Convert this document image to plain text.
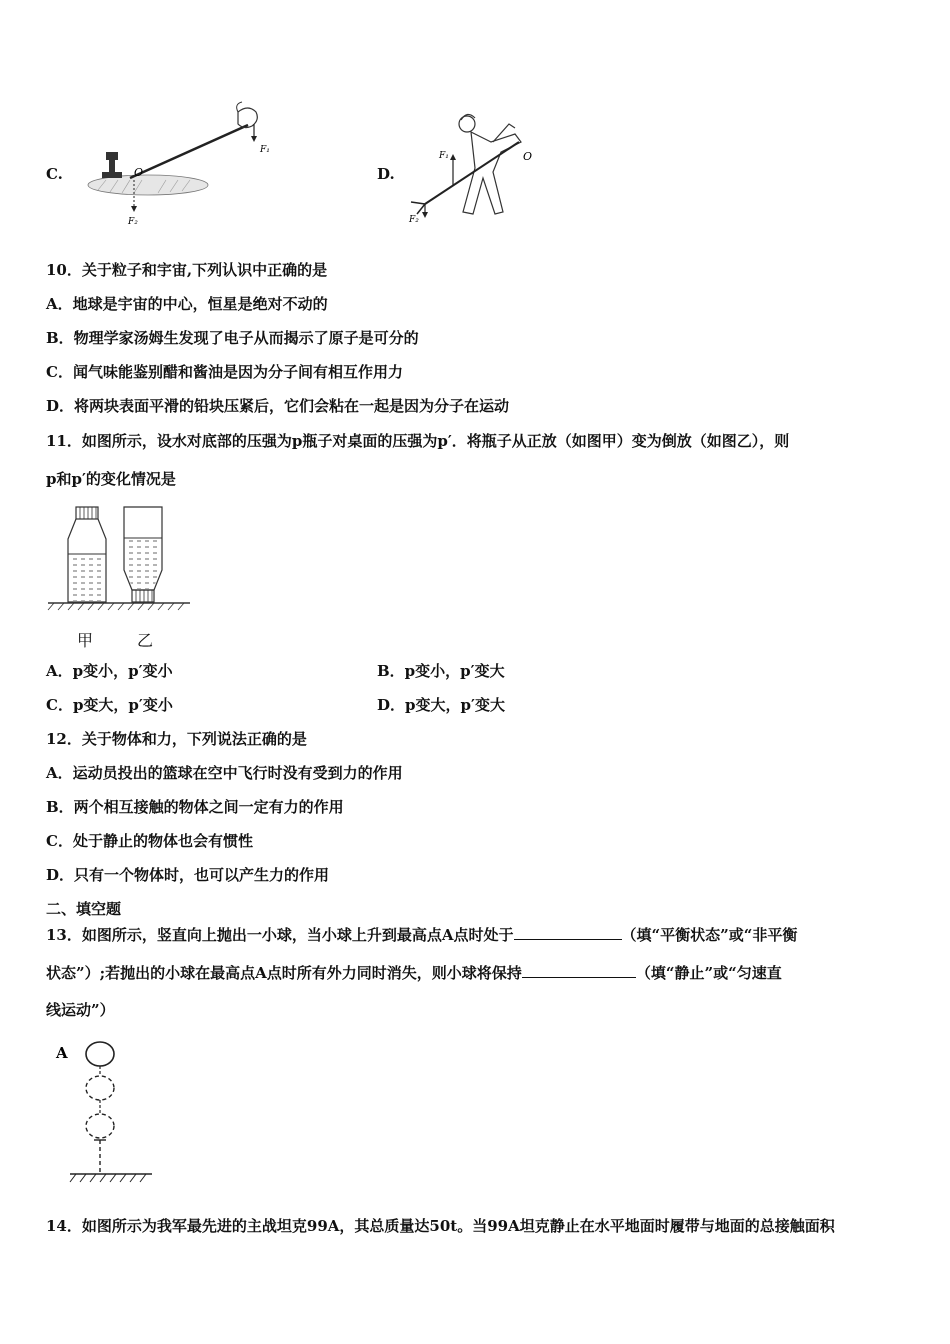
C.	O
F₁
F₂
D.
F₁
F₂
O
10．关于粒子和宇宙,下列认识中正确的是
A．地球是宇宙的中心，恒星是绝对不动的
B．物理学家汤姆生发现了电子从而揭示了原子是可分的
C．闻气味能鉴别醋和酱油是因为分子间有相互作用力
D．将两块表面平滑的铅块压紧后，它们会粘在一起是因为分子在运动
11．如图所示，设水对底部的压强为p瓶子对桌面的压强为p′．将瓶子从正放（如图甲）变为倒放（如图乙），则
p和p′的变化情况是
甲	乙
A．p变小，p′变小	B．p变小，p′变大
C．p变大，p′变小	D．p变大，p′变大
12．关于物体和力，下列说法正确的是
A．运动员投出的篮球在空中飞行时没有受到力的作用
B．两个相互接触的物体之间一定有力的作用
C．处于静止的物体也会有惯性
D．只有一个物体时，也可以产生力的作用
二、填空题
13．如图所示，竖直向上抛出一小球，当小球上升到最高点A点时处于	（填“平衡状态”或“非平衡
状态”）;若抛出的小球在最高点A点时所有外力同时消失，则小球将保持	（填“静止”或“匀速直
线运动”）
A
14．如图所示为我军最先进的主战坦克99A，其总质量达50t。当99A坦克静止在水平地面时履带与地面的总接触面积
